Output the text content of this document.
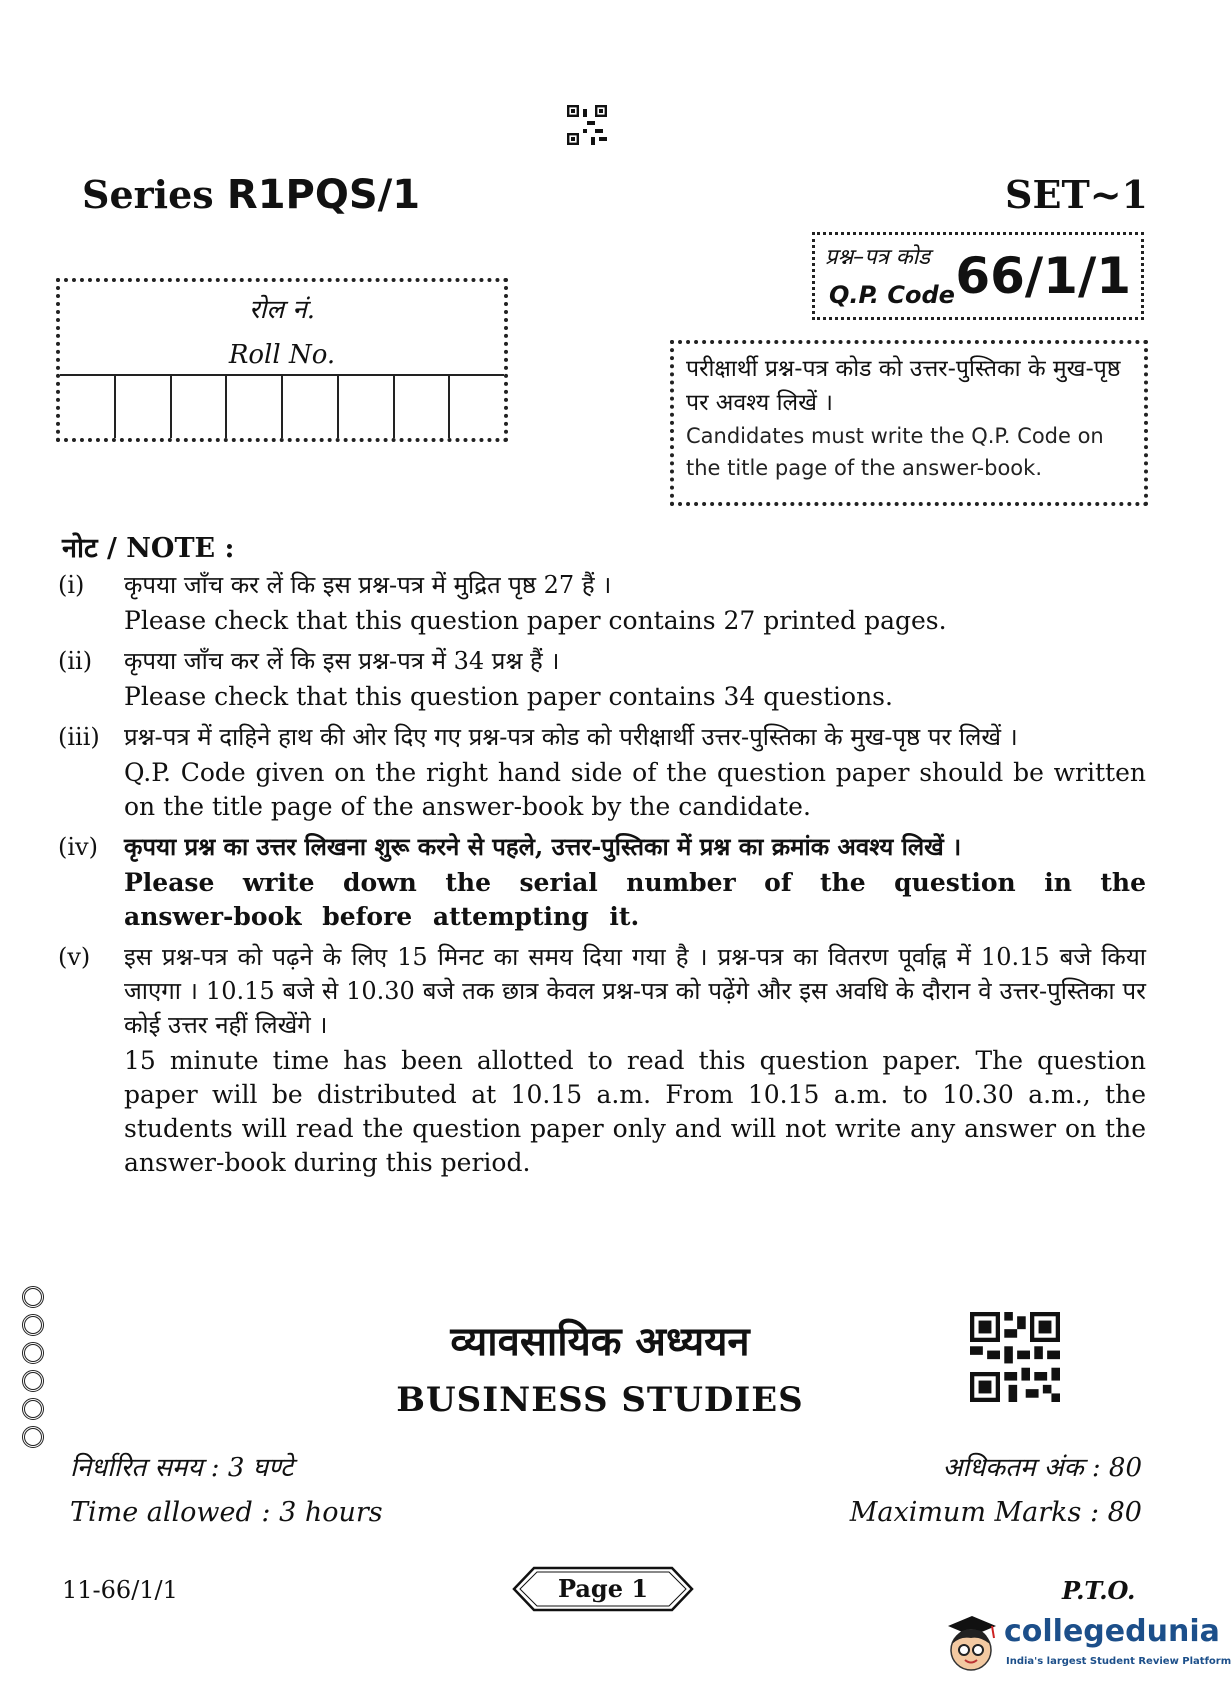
Series R1PQS/1	SET~1
रोल नं.
Roll No.
प्रश्न–पत्र कोड
Q.P. Code 66/1/1
परीक्षार्थी प्रश्न-पत्र कोड को उत्तर-पुस्तिका के मुख-पृष्ठ पर अवश्य लिखें ।
Candidates must write the Q.P. Code on the title page of the answer-book.
नोट / NOTE :
(i) कृपया जाँच कर लें कि इस प्रश्न-पत्र में मुद्रित पृष्ठ 27 हैं ।

Please check that this question paper contains 27 printed pages.

(ii) कृपया जाँच कर लें कि इस प्रश्न-पत्र में 34 प्रश्न हैं ।

Please check that this question paper contains 34 questions.

(iii) प्रश्न-पत्र में दाहिने हाथ की ओर दिए गए प्रश्न-पत्र कोड को परीक्षार्थी उत्तर-पुस्तिका के मुख-पृष्ठ पर लिखें ।

Q.P. Code given on the right hand side of the question paper should be written on the title page of the answer-book by the candidate.

(iv) कृपया प्रश्न का उत्तर लिखना शुरू करने से पहले, उत्तर-पुस्तिका में प्रश्न का क्रमांक अवश्य लिखें ।

Please write down the serial number of the question in the answer-book before attempting it.

(v) इस प्रश्न-पत्र को पढ़ने के लिए 15 मिनट का समय दिया गया है । प्रश्न-पत्र का वितरण पूर्वाह्न में 10.15 बजे किया जाएगा । 10.15 बजे से 10.30 बजे तक छात्र केवल प्रश्न-पत्र को पढ़ेंगे और इस अवधि के दौरान वे उत्तर-पुस्तिका पर कोई उत्तर नहीं लिखेंगे ।

15 minute time has been allotted to read this question paper. The question paper will be distributed at 10.15 a.m. From 10.15 a.m. to 10.30 a.m., the students will read the question paper only and will not write any answer on the answer-book during this period.

व्यावसायिक अध्ययन
BUSINESS STUDIES
निर्धारित समय : 3 घण्टे
Time allowed : 3 hours
अधिकतम अंक : 80
Maximum Marks : 80
11-66/1/1	Page 1	P.T.O.
collegedunia
India's largest Student Review Platform
